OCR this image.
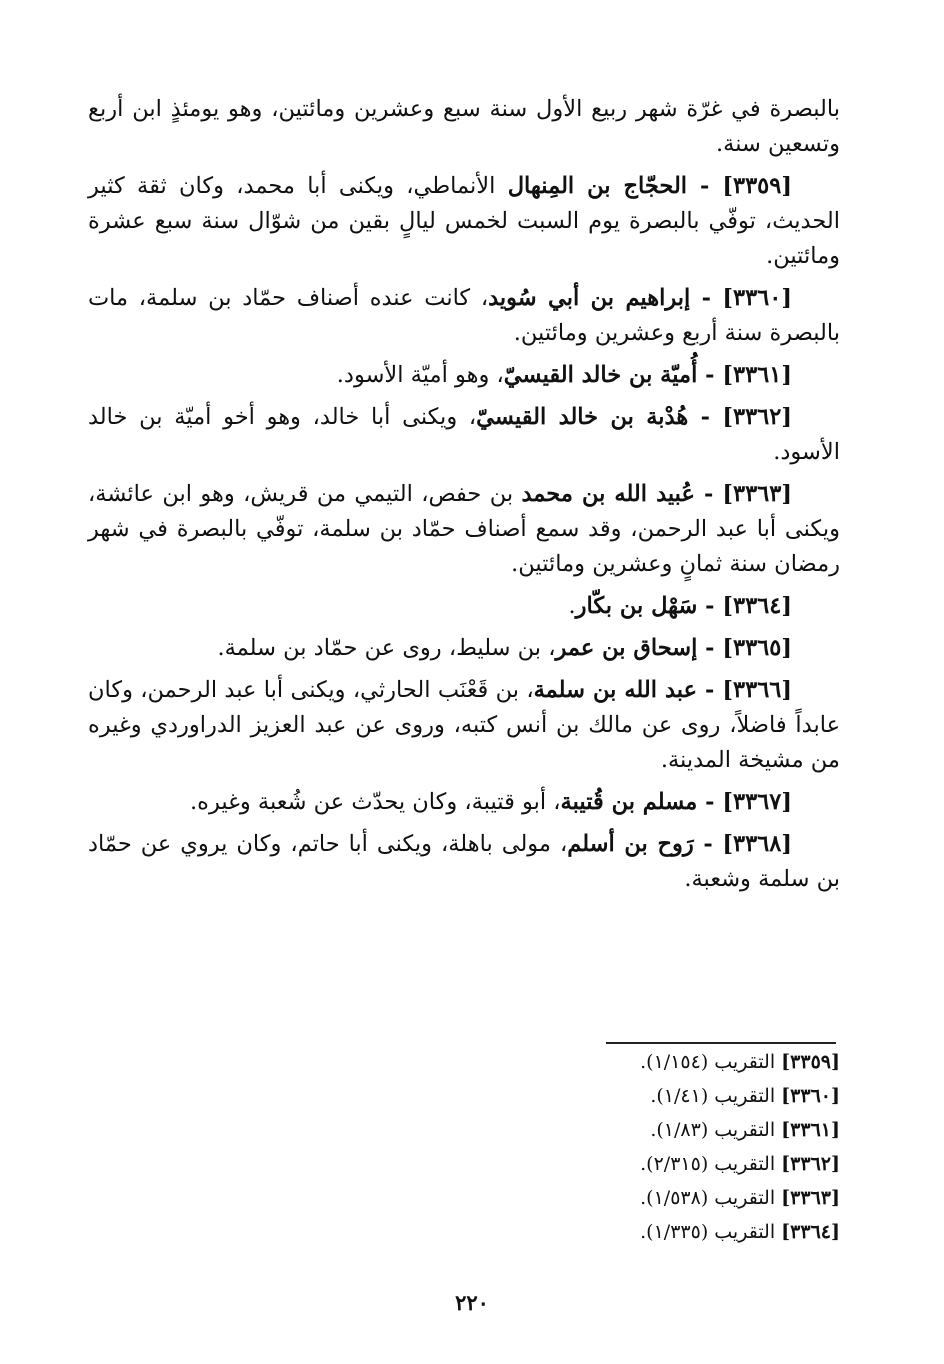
بالبصرة في غرّة شهر ربيع الأول سنة سبع وعشرين ومائتين، وهو يومئذٍ ابن أربع وتسعين سنة.

[٣٣٥٩] - الحجّاج بن المِنهال الأنماطي، ويكنى أبا محمد، وكان ثقة كثير الحديث، توفّي بالبصرة يوم السبت لخمس ليالٍ بقين من شوّال سنة سبع عشرة ومائتين.

[٣٣٦٠] - إبراهيم بن أبي سُويد، كانت عنده أصناف حمّاد بن سلمة، مات بالبصرة سنة أربع وعشرين ومائتين.

[٣٣٦١] - أُميّة بن خالد القيسيّ، وهو أميّة الأسود.

[٣٣٦٢] - هُدْبة بن خالد القيسيّ، ويكنى أبا خالد، وهو أخو أميّة بن خالد الأسود.

[٣٣٦٣] - عُبيد الله بن محمد بن حفص، التيمي من قريش، وهو ابن عائشة، ويكنى أبا عبد الرحمن، وقد سمع أصناف حمّاد بن سلمة، توفّي بالبصرة في شهر رمضان سنة ثمانٍ وعشرين ومائتين.

[٣٣٦٤] - سَهْل بن بكّار.

[٣٣٦٥] - إسحاق بن عمر، بن سليط، روى عن حمّاد بن سلمة.

[٣٣٦٦] - عبد الله بن سلمة، بن قَعْنَب الحارثي، ويكنى أبا عبد الرحمن، وكان عابداً فاضلاً، روى عن مالك بن أنس كتبه، وروى عن عبد العزيز الدراوردي وغيره من مشيخة المدينة.

[٣٣٦٧] - مسلم بن قُتيبة، أبو قتيبة، وكان يحدّث عن شُعبة وغيره.

[٣٣٦٨] - رَوح بن أسلم، مولى باهلة، ويكنى أبا حاتم، وكان يروي عن حمّاد بن سلمة وشعبة.

[٣٣٥٩] التقريب (١/١٥٤).

[٣٣٦٠] التقريب (١/٤١).

[٣٣٦١] التقريب (١/٨٣).

[٣٣٦٢] التقريب (٢/٣١٥).

[٣٣٦٣] التقريب (١/٥٣٨).

[٣٣٦٤] التقريب (١/٣٣٥).

٢٢٠
